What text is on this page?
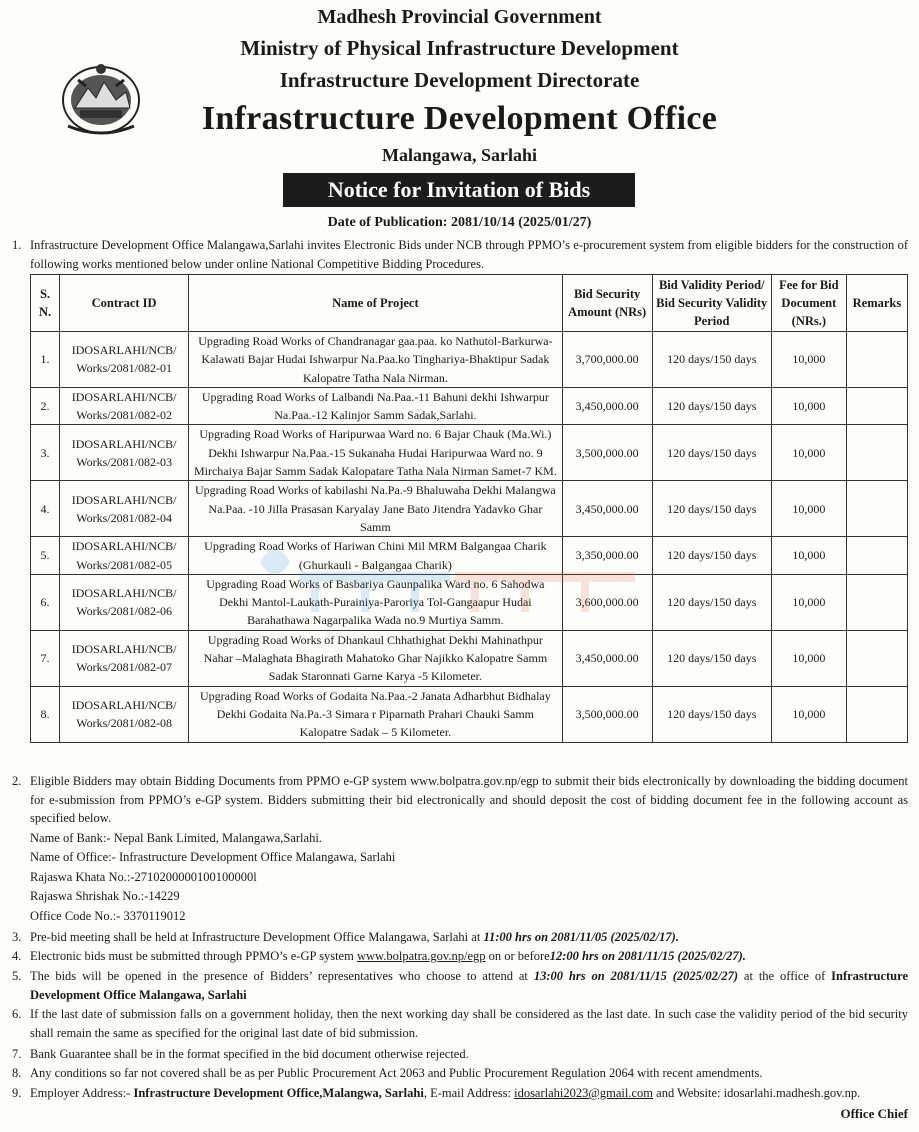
Madhesh Provincial Government
Ministry of Physical Infrastructure Development
Infrastructure Development Directorate
Infrastructure Development Office
Malangawa, Sarlahi
Notice for Invitation of Bids
Date of Publication: 2081/10/14 (2025/01/27)
1. Infrastructure Development Office Malangawa,Sarlahi invites Electronic Bids under NCB through PPMO’s e-procurement system from eligible bidders for the construction of following works mentioned below under online National Competitive Bidding Procedures.
S. N.	Contract ID	Name of Project	Bid Security Amount (NRs)	Bid Validity Period/ Bid Security Validity Period	Fee for Bid Document (NRs.)	Remarks
1.	IDOSARLAHI/NCB/ Works/2081/082-01	Upgrading Road Works of Chandranagar gaa.paa. ko Nathutol-Barkurwa-Kalawati Bajar Hudai Ishwarpur Na.Paa.ko Tinghariya-Bhaktipur Sadak Kalopatre Tatha Nala Nirman.	3,700,000.00	120 days/150 days	10,000	
2.	IDOSARLAHI/NCB/ Works/2081/082-02	Upgrading Road Works of Lalbandi Na.Paa.-11 Bahuni dekhi Ishwarpur Na.Paa.-12 Kalinjor Samm Sadak,Sarlahi.	3,450,000.00	120 days/150 days	10,000	
3.	IDOSARLAHI/NCB/ Works/2081/082-03	Upgrading Road Works of Haripurwaa Ward no. 6 Bajar Chauk (Ma.Wi.) Dekhi Ishwarpur Na.Paa.-15 Sukanaha Hudai Haripurwaa Ward no. 9 Mirchaiya Bajar Samm Sadak Kalopatare Tatha Nala Nirman Samet-7 KM.	3,500,000.00	120 days/150 days	10,000	
4.	IDOSARLAHI/NCB/ Works/2081/082-04	Upgrading Road Works of kabilashi Na.Pa.-9 Bhaluwaha Dekhi Malangwa Na.Paa. -10 Jilla Prasasan Karyalay Jane Bato Jitendra Yadavko Ghar Samm	3,450,000.00	120 days/150 days	10,000	
5.	IDOSARLAHI/NCB/ Works/2081/082-05	Upgrading Road Works of Hariwan Chini Mil MRM Balgangaa Charik (Ghurkauli - Balgangaa Charik)	3,350,000.00	120 days/150 days	10,000	
6.	IDOSARLAHI/NCB/ Works/2081/082-06	Upgrading Road Works of Basbariya Gaunpalika Ward no. 6 Sahodwa Dekhi Mantol-Laukath-Purainiya-Paroriya Tol-Gangaapur Hudai Barahathawa Nagarpalika Wada no.9 Murtiya Samm.	3,600,000.00	120 days/150 days	10,000	
7.	IDOSARLAHI/NCB/ Works/2081/082-07	Upgrading Road Works of Dhankaul Chhathighat Dekhi Mahinathpur Nahar –Malaghata Bhagirath Mahatoko Ghar Najikko Kalopatre Samm Sadak Staronnati Garne Karya -5 Kilometer.	3,450,000.00	120 days/150 days	10,000	
8.	IDOSARLAHI/NCB/ Works/2081/082-08	Upgrading Road Works of Godaita Na.Paa.-2 Janata Adharbhut Bidhalay Dekhi Godaita Na.Pa.-3 Simara r Piparnath Prahari Chauki Samm Kalopatre Sadak – 5 Kilometer.	3,500,000.00	120 days/150 days	10,000	
2. Eligible Bidders may obtain Bidding Documents from PPMO e-GP system www.bolpatra.gov.np/egp to submit their bids electronically by downloading the bidding document for e-submission from PPMO’s e-GP system. Bidders submitting their bid electronically and should deposit the cost of bidding document fee in the following account as specified below.
Name of Bank:- Nepal Bank Limited, Malangawa,Sarlahi.
Name of Office:- Infrastructure Development Office Malangawa, Sarlahi
Rajaswa Khata No.:-2710200000100100000l
Rajaswa Shrishak No.:-14229
Office Code No.:- 3370119012
3. Pre-bid meeting shall be held at Infrastructure Development Office Malangawa, Sarlahi at 11:00 hrs on 2081/11/05 (2025/02/17).
4. Electronic bids must be submitted through PPMO’s e-GP system www.bolpatra.gov.np/egp on or before12:00 hrs on 2081/11/15 (2025/02/27).
5. The bids will be opened in the presence of Bidders’ representatives who choose to attend at 13:00 hrs on 2081/11/15 (2025/02/27) at the office of Infrastructure Development Office Malangawa, Sarlahi
6. If the last date of submission falls on a government holiday, then the next working day shall be considered as the last date. In such case the validity period of the bid security shall remain the same as specified for the original last date of bid submission.
7. Bank Guarantee shall be in the format specified in the bid document otherwise rejected.
8. Any conditions so far not covered shall be as per Public Procurement Act 2063 and Public Procurement Regulation 2064 with recent amendments.
9. Employer Address:- Infrastructure Development Office,Malangwa, Sarlahi, E-mail Address: idosarlahi2023@gmail.com and Website: idosarlahi.madhesh.gov.np.
Office Chief
